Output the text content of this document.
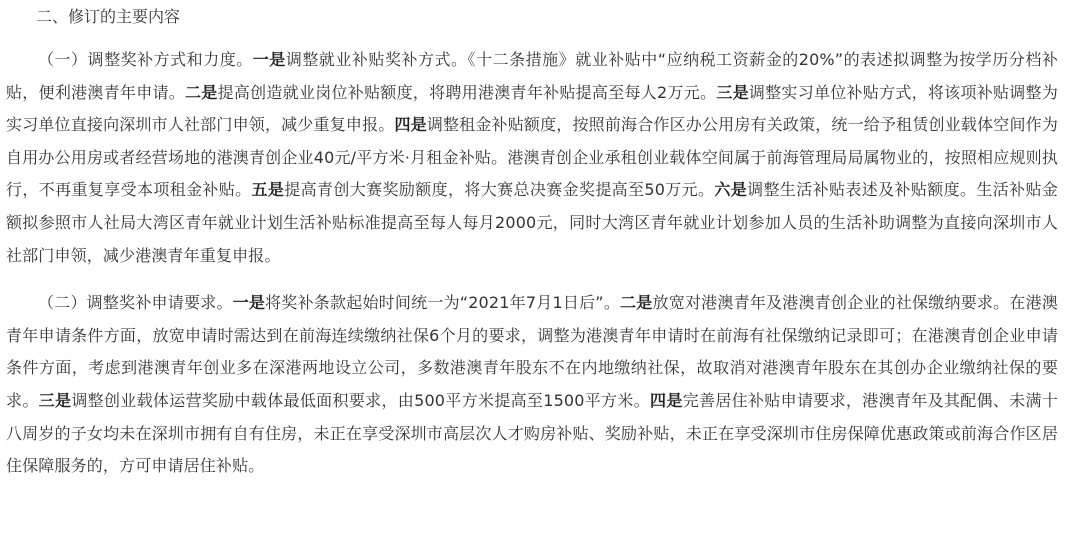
二、修订的主要内容

（一）调整奖补方式和力度。一是调整就业补贴奖补方式。《十二条措施》就业补贴中“应纳税工资薪金的20%”的表述拟调整为按学历分档补贴，便利港澳青年申请。二是提高创造就业岗位补贴额度，将聘用港澳青年补贴提高至每人2万元。三是调整实习单位补贴方式，将该项补贴调整为实习单位直接向深圳市人社部门申领，减少重复申报。四是调整租金补贴额度，按照前海合作区办公用房有关政策，统一给予租赁创业载体空间作为自用办公用房或者经营场地的港澳青创企业40元/平方米·月租金补贴。港澳青创企业承租创业载体空间属于前海管理局局属物业的，按照相应规则执行，不再重复享受本项租金补贴。五是提高青创大赛奖励额度，将大赛总决赛金奖提高至50万元。六是调整生活补贴表述及补贴额度。生活补贴金额拟参照市人社局大湾区青年就业计划生活补贴标准提高至每人每月2000元，同时大湾区青年就业计划参加人员的生活补助调整为直接向深圳市人社部门申领，减少港澳青年重复申报。

（二）调整奖补申请要求。一是将奖补条款起始时间统一为“2021年7月1日后”。二是放宽对港澳青年及港澳青创企业的社保缴纳要求。在港澳青年申请条件方面，放宽申请时需达到在前海连续缴纳社保6个月的要求，调整为港澳青年申请时在前海有社保缴纳记录即可；在港澳青创企业申请条件方面，考虑到港澳青年创业多在深港两地设立公司，多数港澳青年股东不在内地缴纳社保，故取消对港澳青年股东在其创办企业缴纳社保的要求。三是调整创业载体运营奖励中载体最低面积要求，由500平方米提高至1500平方米。四是完善居住补贴申请要求，港澳青年及其配偶、未满十八周岁的子女均未在深圳市拥有自有住房，未正在享受深圳市高层次人才购房补贴、奖励补贴，未正在享受深圳市住房保障优惠政策或前海合作区居住保障服务的，方可申请居住补贴。
